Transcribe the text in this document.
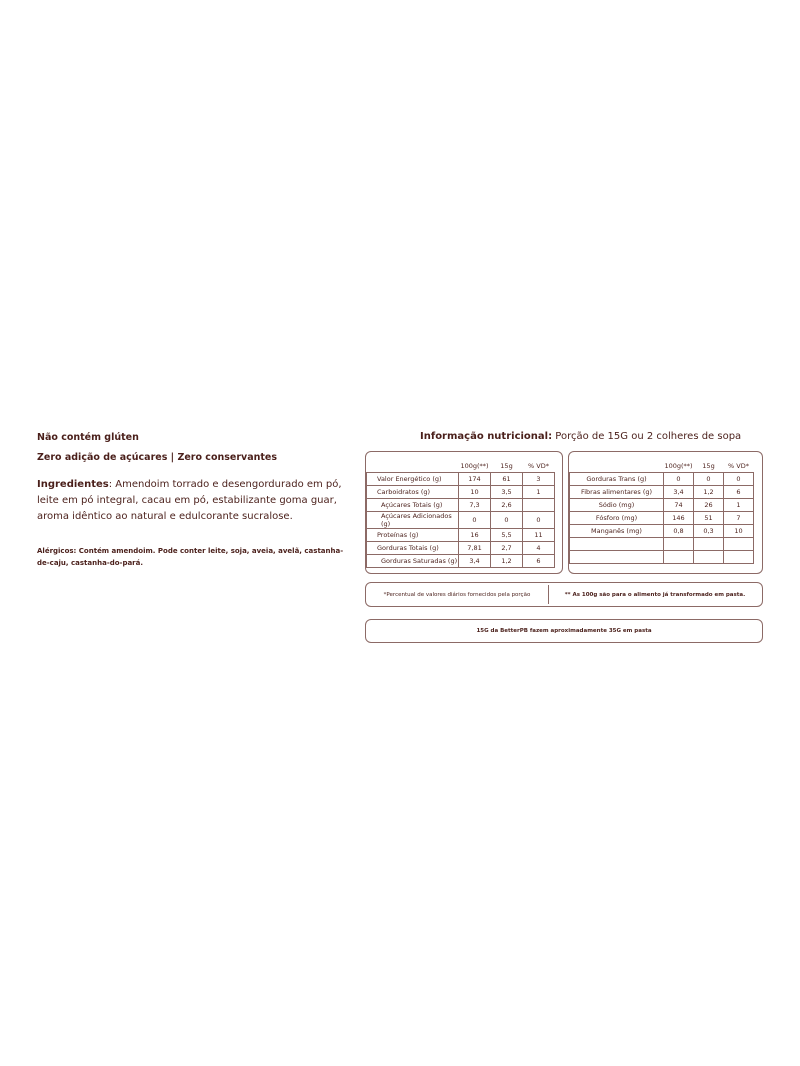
Não contém glúten
Zero adição de açúcares | Zero conservantes
Ingredientes: Amendoim torrado e desengordurado em pó, leite em pó integral, cacau em pó, estabilizante goma guar, aroma idêntico ao natural e edulcorante sucralose.
Alérgicos: Contém amendoim. Pode conter leite, soja, aveia, avelã, castanha-de-caju, castanha-do-pará.
Informação nutricional: Porção de 15G ou 2 colheres de sopa
	100g(**)	15g	% VD*
Valor Energético (g)	174	61	3
Carboidratos (g)	10	3,5	1
Açúcares Totais (g)	7,3	2,6	
Açúcares Adicionados (g)	0	0	0
Proteínas (g)	16	5,5	11
Gorduras Totais (g)	7,81	2,7	4
Gorduras Saturadas (g)	3,4	1,2	6
	100g(**)	15g	% VD*
Gorduras Trans (g)	0	0	0
Fibras alimentares (g)	3,4	1,2	6
Sódio (mg)	74	26	1
Fósforo (mg)	146	51	7
Manganês (mg)	0,8	0,3	10

*Percentual de valores diários fornecidos pela porção	** As 100g são para o alimento já transformado em pasta.
15G da BetterPB fazem aproximadamente 35G em pasta
